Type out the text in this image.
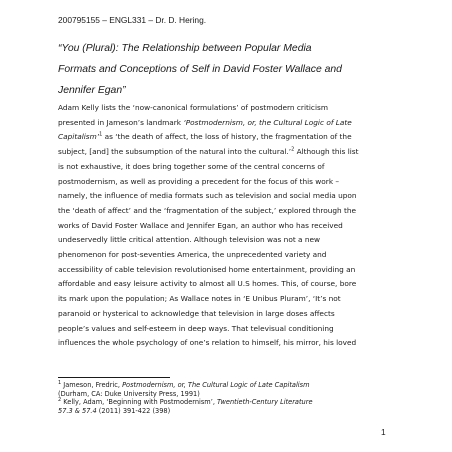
200795155 – ENGL331 – Dr. D. Hering.
“You (Plural): The Relationship between Popular Media
Formats and Conceptions of Self in David Foster Wallace and
Jennifer Egan”
Adam Kelly lists the ‘now-canonical formulations’ of postmodern criticism
presented in Jameson’s landmark ‘Postmodernism, or, the Cultural Logic of Late
Capitalism’$^1$ as ‘the death of affect, the loss of history, the fragmentation of the
subject, [and] the subsumption of the natural into the cultural.’$^2$ Although this list
is not exhaustive, it does bring together some of the central concerns of
postmodernism, as well as providing a precedent for the focus of this work –
namely, the influence of media formats such as television and social media upon
the ‘death of affect’ and the ‘fragmentation of the subject,’ explored through the
works of David Foster Wallace and Jennifer Egan, an author who has received
undeservedly little critical attention. Although television was not a new
phenomenon for post-seventies America, the unprecedented variety and
accessibility of cable television revolutionised home entertainment, providing an
affordable and easy leisure activity to almost all U.S homes. This, of course, bore
its mark upon the population; As Wallace notes in ‘E Unibus Pluram’, ‘It’s not
paranoid or hysterical to acknowledge that television in large doses affects
people’s values and self-esteem in deep ways. That televisual conditioning
influences the whole psychology of one’s relation to himself, his mirror, his loved
$^1$ Jameson, Fredric, Postmodernism, or, The Cultural Logic of Late Capitalism
(Durham, CA: Duke University Press, 1991)
$^2$ Kelly, Adam, ‘Beginning with Postmodernism’, Twentieth-Century Literature
57.3 & 57.4 (2011) 391-422 (398)
1
